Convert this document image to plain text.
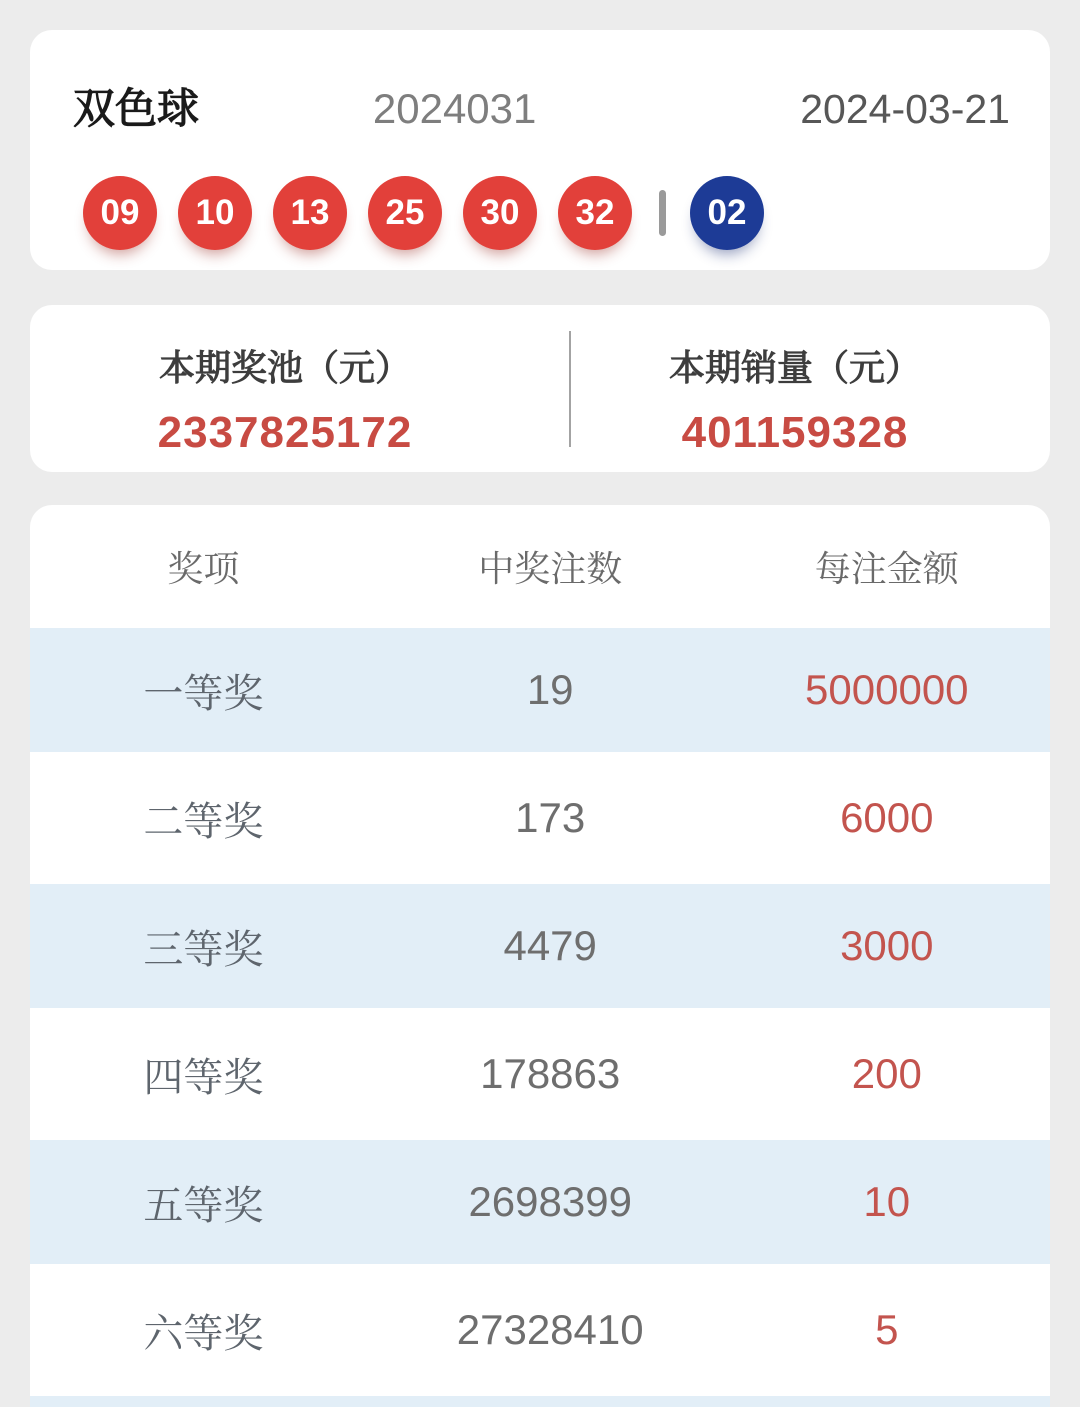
双色球	2024031	2024-03-21
09	10	13	25	30	32	02
本期奖池（元）
2337825172
本期销量（元）
401159328
奖项	中奖注数	每注金额
一等奖	19	5000000
二等奖	173	6000
三等奖	4479	3000
四等奖	178863	200
五等奖	2698399	10
六等奖	27328410	5
